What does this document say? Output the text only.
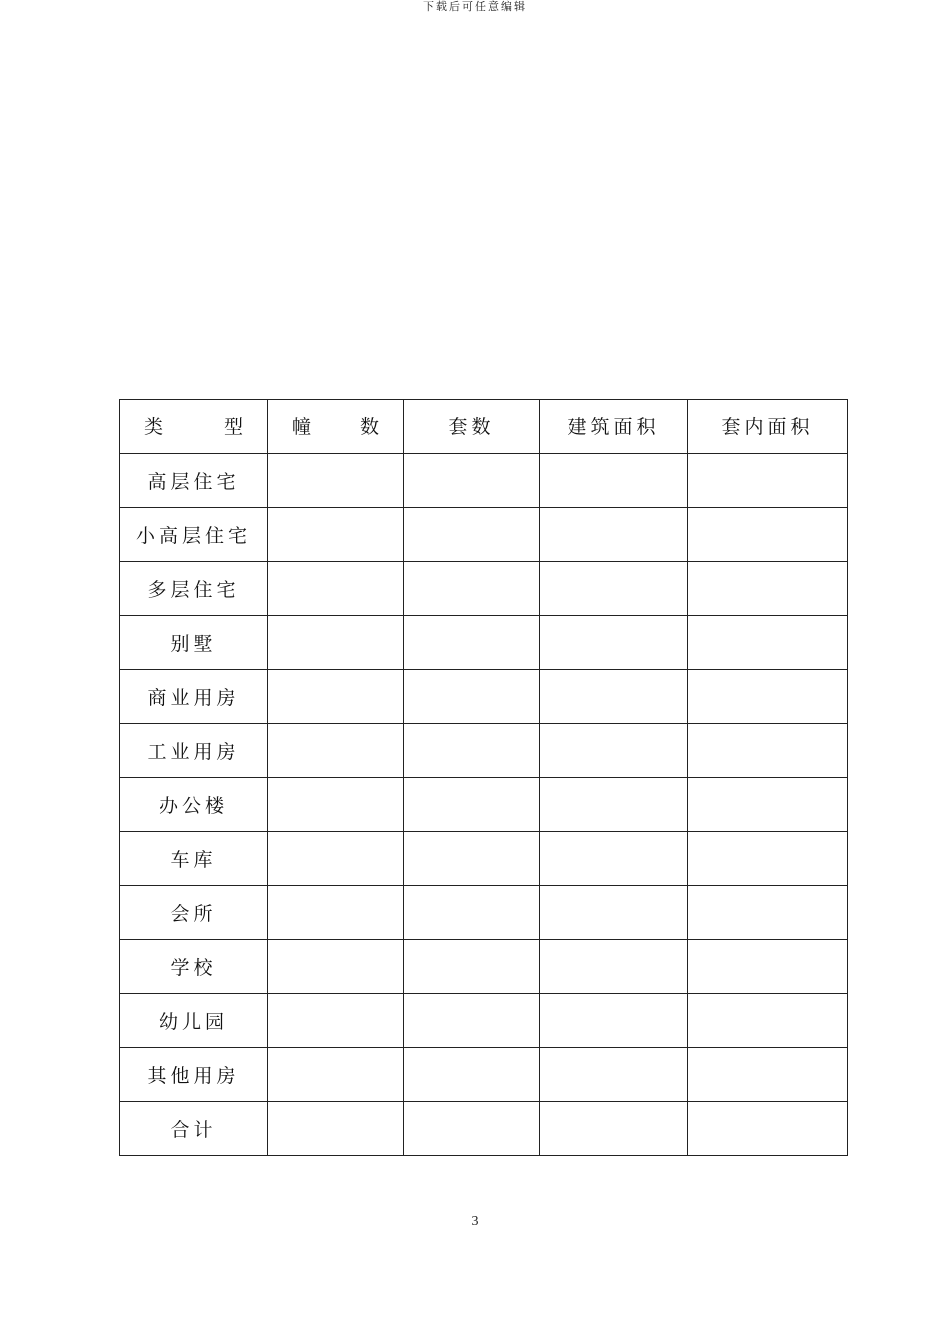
下载后可任意编辑
类 型	幢 数	套数	建筑面积	套内面积
高层住宅				
小高层住宅				
多层住宅				
别墅				
商业用房				
工业用房				
办公楼				
车库				
会所				
学校				
幼儿园				
其他用房				
合计				
3
